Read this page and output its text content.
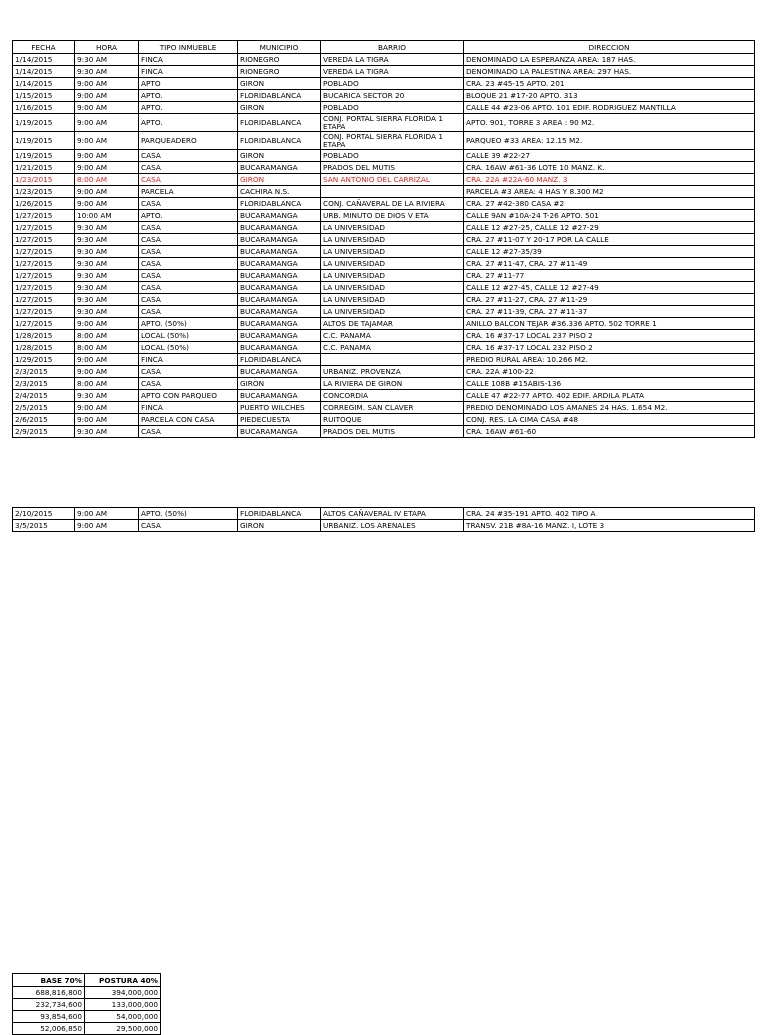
FECHA	HORA	TIPO INMUEBLE	MUNICIPIO	BARRIO	DIRECCION
1/14/2015	9:30 AM	FINCA	RIONEGRO	VEREDA LA TIGRA	DENOMINADO LA ESPERANZA AREA: 187 HAS.
1/14/2015	9:30 AM	FINCA	RIONEGRO	VEREDA LA TIGRA	DENOMINADO LA PALESTINA AREA: 297 HAS.
1/14/2015	9:00 AM	APTO	GIRON	POBLADO	CRA. 23 #45-15 APTO. 201
1/15/2015	9:00 AM	APTO.	FLORIDABLANCA	BUCARICA SECTOR 20	BLOQUE 21 #17-20 APTO. 313
1/16/2015	9:00 AM	APTO.	GIRON	POBLADO	CALLE 44 #23-06 APTO. 101 EDIF. RODRIGUEZ MANTILLA
1/19/2015	9:00 AM	APTO.	FLORIDABLANCA	CONJ. PORTAL SIERRA FLORIDA 1 ETAPA	APTO. 901, TORRE 3 AREA : 90 M2.
1/19/2015	9:00 AM	PARQUEADERO	FLORIDABLANCA	CONJ. PORTAL SIERRA FLORIDA 1 ETAPA	PARQUEO #33 AREA: 12.15 M2.
1/19/2015	9:00 AM	CASA	GIRON	POBLADO	CALLE 39 #22-27
1/21/2015	9:00 AM	CASA	BUCARAMANGA	PRADOS DEL MUTIS	CRA. 16AW #61-36 LOTE 10 MANZ. K.
1/23/2015	8:00 AM	CASA	GIRON	SAN ANTONIO DEL CARRIZAL	CRA. 22A #22A-60 MANZ. 3
1/23/2015	9:00 AM	PARCELA	CACHIRA N.S.		PARCELA #3 AREA: 4 HAS Y 8.300 M2
1/26/2015	9:00 AM	CASA	FLORIDABLANCA	CONJ. CAÑAVERAL DE LA RIVIERA	CRA. 27 #42-380 CASA #2
1/27/2015	10:00 AM	APTO.	BUCARAMANGA	URB. MINUTO DE DIOS V ETA	CALLE 9AN #10A-24 T-26 APTO. 501
1/27/2015	9:30 AM	CASA	BUCARAMANGA	LA UNIVERSIDAD	CALLE 12 #27-25, CALLE 12 #27-29
1/27/2015	9:30 AM	CASA	BUCARAMANGA	LA UNIVERSIDAD	CRA. 27 #11-07 Y 20-17 POR LA CALLE
1/27/2015	9:30 AM	CASA	BUCARAMANGA	LA UNIVERSIDAD	CALLE 12 #27-35/39
1/27/2015	9:30 AM	CASA	BUCARAMANGA	LA UNIVERSIDAD	CRA. 27 #11-47, CRA. 27 #11-49
1/27/2015	9:30 AM	CASA	BUCARAMANGA	LA UNIVERSIDAD	CRA. 27 #11-77
1/27/2015	9:30 AM	CASA	BUCARAMANGA	LA UNIVERSIDAD	CALLE 12 #27-45, CALLE 12 #27-49
1/27/2015	9:30 AM	CASA	BUCARAMANGA	LA UNIVERSIDAD	CRA. 27 #11-27, CRA. 27 #11-29
1/27/2015	9:30 AM	CASA	BUCARAMANGA	LA UNIVERSIDAD	CRA. 27 #11-39, CRA. 27 #11-37
1/27/2015	9:00 AM	APTO. (50%)	BUCARAMANGA	ALTOS DE TAJAMAR	ANILLO BALCON TEJAR #36.336 APTO. 502 TORRE 1
1/28/2015	8:00 AM	LOCAL (50%)	BUCARAMANGA	C.C. PANAMA	CRA. 16 #37-17 LOCAL 237 PISO 2
1/28/2015	8:00 AM	LOCAL (50%)	BUCARAMANGA	C.C. PANAMA	CRA. 16 #37-17 LOCAL 232 PISO 2
1/29/2015	9:00 AM	FINCA	FLORIDABLANCA		PREDIO RURAL AREA: 10.266 M2.
2/3/2015	9:00 AM	CASA	BUCARAMANGA	URBANIZ. PROVENZA	CRA. 22A #100-22
2/3/2015	8:00 AM	CASA	GIRON	LA RIVIERA DE GIRON	CALLE 108B #15ABIS-136
2/4/2015	9:30 AM	APTO CON PARQUEO	BUCARAMANGA	CONCORDIA	CALLE 47 #22-77 APTO. 402 EDIF. ARDILA PLATA
2/5/2015	9:00 AM	FINCA	PUERTO WILCHES	CORREGIM. SAN CLAVER	PREDIO DENOMINADO LOS AMANES 24 HAS. 1.654 M2.
2/6/2015	9:00 AM	PARCELA CON CASA	PIEDECUESTA	RUITOQUE	CONJ. RES. LA CIMA CASA #48
2/9/2015	9:30 AM	CASA	BUCARAMANGA	PRADOS DEL MUTIS	CRA. 16AW #61-60
2/10/2015	9:00 AM	APTO. (50%)	FLORIDABLANCA	ALTOS CAÑAVERAL IV ETAPA	CRA. 24 #35-191 APTO. 402 TIPO A
3/5/2015	9:00 AM	CASA	GIRON	URBANIZ. LOS ARENALES	TRANSV. 21B #8A-16 MANZ. I, LOTE 3
BASE 70%	POSTURA 40%
688,816,800	394,000,000
232,734,600	133,000,000
93,854,600	54,000,000
52,006,850	29,500,000
